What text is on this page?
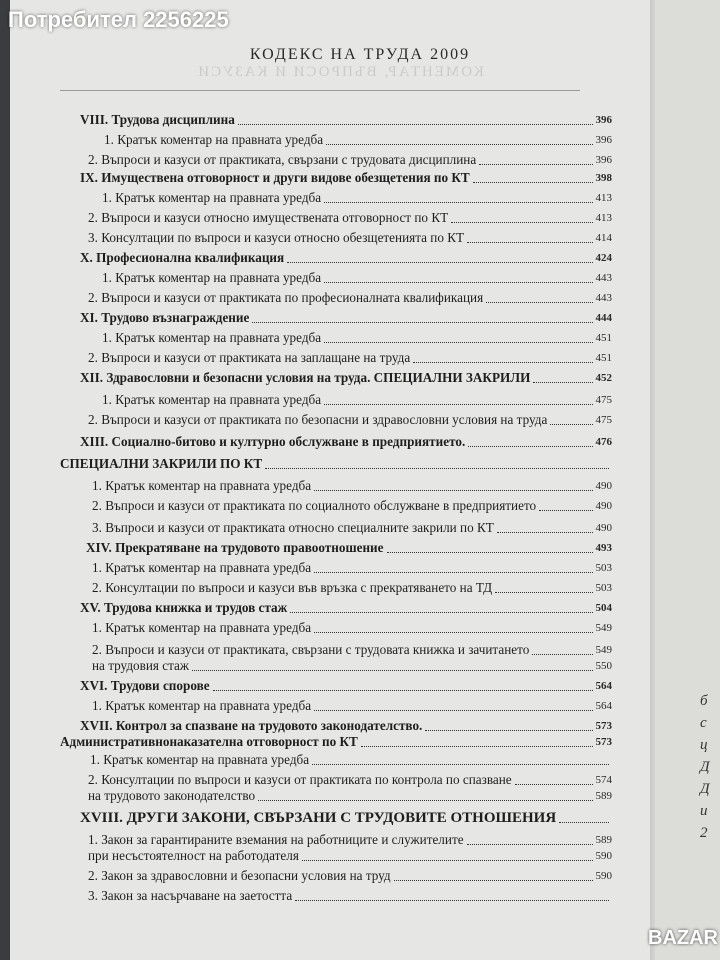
КОМЕНТАР, ВЪПРОСИ И КАЗУСИ
б
с
ц
Д
Д
и
2
Потребител 2256225
BAZAR
КОДЕКС НА ТРУДА 2009
VIII. Трудова дисциплина	396
1. Кратък коментар на правната уредба	396
2. Въпроси и казуси от практиката, свързани с трудовата дисциплина	396
IX. Имуществена отговорност и други видове обезщетения по КТ	398
1. Кратък коментар на правната уредба	413
2. Въпроси и казуси относно имуществената отговорност по КТ	413
3. Консултации по въпроси и казуси относно обезщетенията по КТ	414
X. Професионална квалификация	424
1. Кратък коментар на правната уредба	443
2. Въпроси и казуси от практиката по професионалната квалификация	443
XI. Трудово възнаграждение	444
1. Кратък коментар на правната уредба	451
2. Въпроси и казуси от практиката на заплащане на труда	451
XII. Здравословни и безопасни условия на труда. СПЕЦИАЛНИ ЗАКРИЛИ	452
1. Кратък коментар на правната уредба	475
2. Въпроси и казуси от практиката по безопасни и здравословни условия на труда	475
XIII. Социално-битово и културно обслужване в предприятието.	476
СПЕЦИАЛНИ ЗАКРИЛИ ПО КТ
1. Кратък коментар на правната уредба	490
2. Въпроси и казуси от практиката по социалното обслужване в предприятието	490
3. Въпроси и казуси от практиката относно специалните закрили по КТ	490
XIV. Прекратяване на трудовото правоотношение	493
1. Кратък коментар на правната уредба	503
2. Консултации по въпроси и казуси във връзка с прекратяването на ТД	503
XV. Трудова книжка и трудов стаж	504
1. Кратък коментар на правната уредба	549
2. Въпроси и казуси от практиката, свързани с трудовата книжка и зачитането	549
на трудовия стаж	550
XVI. Трудови спорове	564
1. Кратък коментар на правната уредба	564
XVII. Контрол за спазване на трудовото законодателство.	573
Административнонаказателна отговорност по КТ	573
1. Кратък коментар на правната уредба
2. Консултации по въпроси и казуси от практиката по контрола по спазване	574
на трудовото законодателство	589
XVIII. ДРУГИ ЗАКОНИ, СВЪРЗАНИ С ТРУДОВИТЕ ОТНОШЕНИЯ
1. Закон за гарантираните вземания на работниците и служителите	589
при несъстоятелност на работодателя	590
2. Закон за здравословни и безопасни условия на труд	590
3. Закон за насърчаване на заетостта
